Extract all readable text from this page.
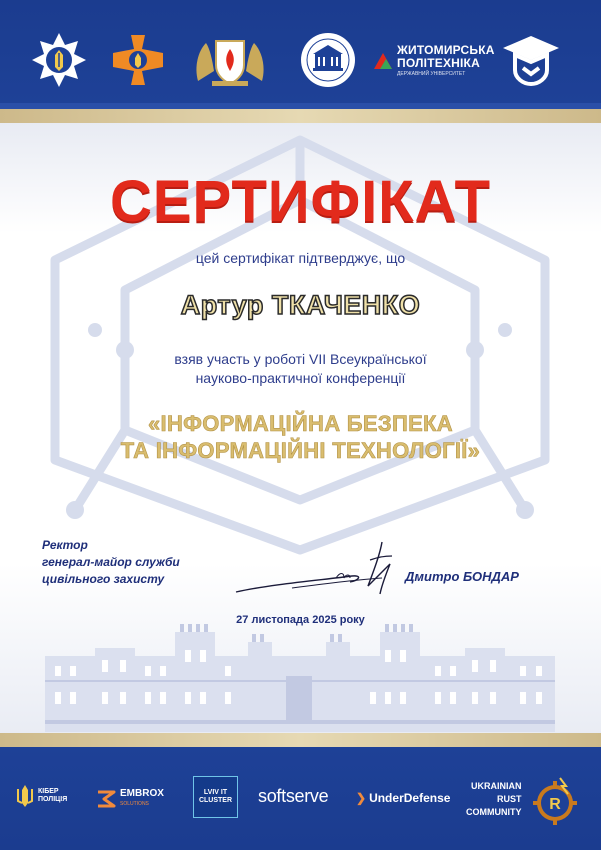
ЖИТОМИРСЬКА
ПОЛІТЕХНІКА
ДЕРЖАВНИЙ УНІВЕРСИТЕТ
СЕРТИФІКАТ
цей сертифікат підтверджує, що
Артур ТКАЧЕНКО
взяв участь у роботі VII Всеукраїнської
науково-практичної конференції
«ІНФОРМАЦІЙНА БЕЗПЕКА
ТА ІНФОРМАЦІЙНІ ТЕХНОЛОГІЇ»
Ректор
генерал-майор служби
цивільного захисту	Дмитро БОНДАР
27 листопада 2025 року
КІБЕР
ПОЛІЦІЯ
EMBROX
SOLUTIONS
LVIV IT
CLUSTER softserve ❯ UnderDefense
UKRAINIAN
RUST
COMMUNITY R
